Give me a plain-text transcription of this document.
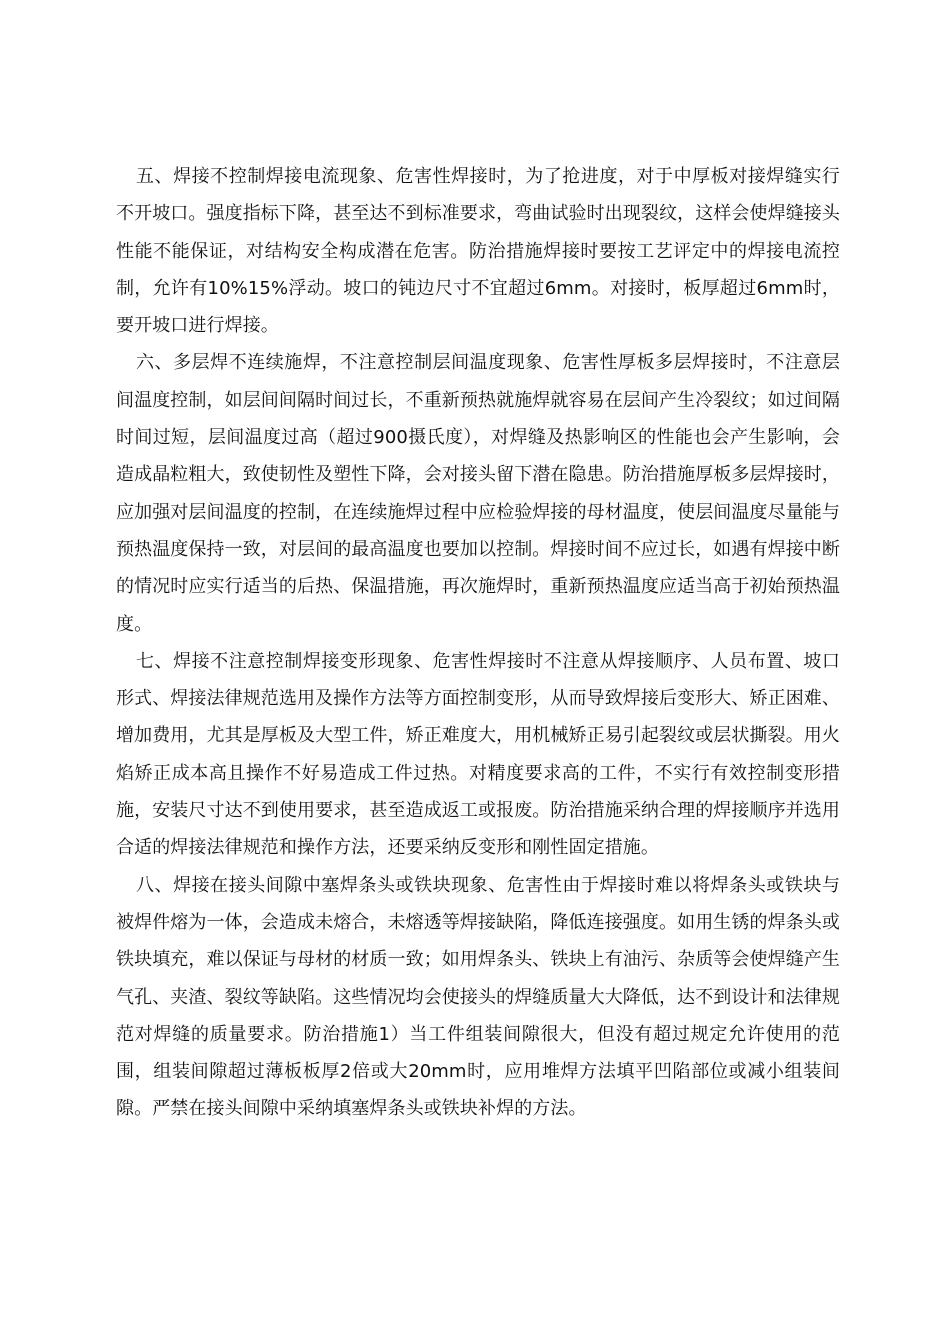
五、焊接不控制焊接电流现象、危害性焊接时，为了抢进度，对于中厚板对接焊缝实行不开坡口。强度指标下降，甚至达不到标准要求，弯曲试验时出现裂纹，这样会使焊缝接头性能不能保证，对结构安全构成潜在危害。防治措施焊接时要按工艺评定中的焊接电流控制，允许有10%15%浮动。坡口的钝边尺寸不宜超过6mm。对接时，板厚超过6mm时，要开坡口进行焊接。

六、多层焊不连续施焊，不注意控制层间温度现象、危害性厚板多层焊接时，不注意层间温度控制，如层间间隔时间过长，不重新预热就施焊就容易在层间产生冷裂纹；如过间隔时间过短，层间温度过高（超过900摄氏度），对焊缝及热影响区的性能也会产生影响，会造成晶粒粗大，致使韧性及塑性下降，会对接头留下潜在隐患。防治措施厚板多层焊接时，应加强对层间温度的控制，在连续施焊过程中应检验焊接的母材温度，使层间温度尽量能与预热温度保持一致，对层间的最高温度也要加以控制。焊接时间不应过长，如遇有焊接中断的情况时应实行适当的后热、保温措施，再次施焊时，重新预热温度应适当高于初始预热温度。

七、焊接不注意控制焊接变形现象、危害性焊接时不注意从焊接顺序、人员布置、坡口形式、焊接法律规范选用及操作方法等方面控制变形，从而导致焊接后变形大、矫正困难、增加费用，尤其是厚板及大型工件，矫正难度大，用机械矫正易引起裂纹或层状撕裂。用火焰矫正成本高且操作不好易造成工件过热。对精度要求高的工件，不实行有效控制变形措施，安装尺寸达不到使用要求，甚至造成返工或报废。防治措施采纳合理的焊接顺序并选用合适的焊接法律规范和操作方法，还要采纳反变形和刚性固定措施。

八、焊接在接头间隙中塞焊条头或铁块现象、危害性由于焊接时难以将焊条头或铁块与被焊件熔为一体，会造成未熔合，未熔透等焊接缺陷，降低连接强度。如用生锈的焊条头或铁块填充，难以保证与母材的材质一致；如用焊条头、铁块上有油污、杂质等会使焊缝产生气孔、夹渣、裂纹等缺陷。这些情况均会使接头的焊缝质量大大降低，达不到设计和法律规范对焊缝的质量要求。防治措施1）当工件组装间隙很大，但没有超过规定允许使用的范围，组装间隙超过薄板板厚2倍或大20mm时，应用堆焊方法填平凹陷部位或减小组装间隙。严禁在接头间隙中采纳填塞焊条头或铁块补焊的方法。
